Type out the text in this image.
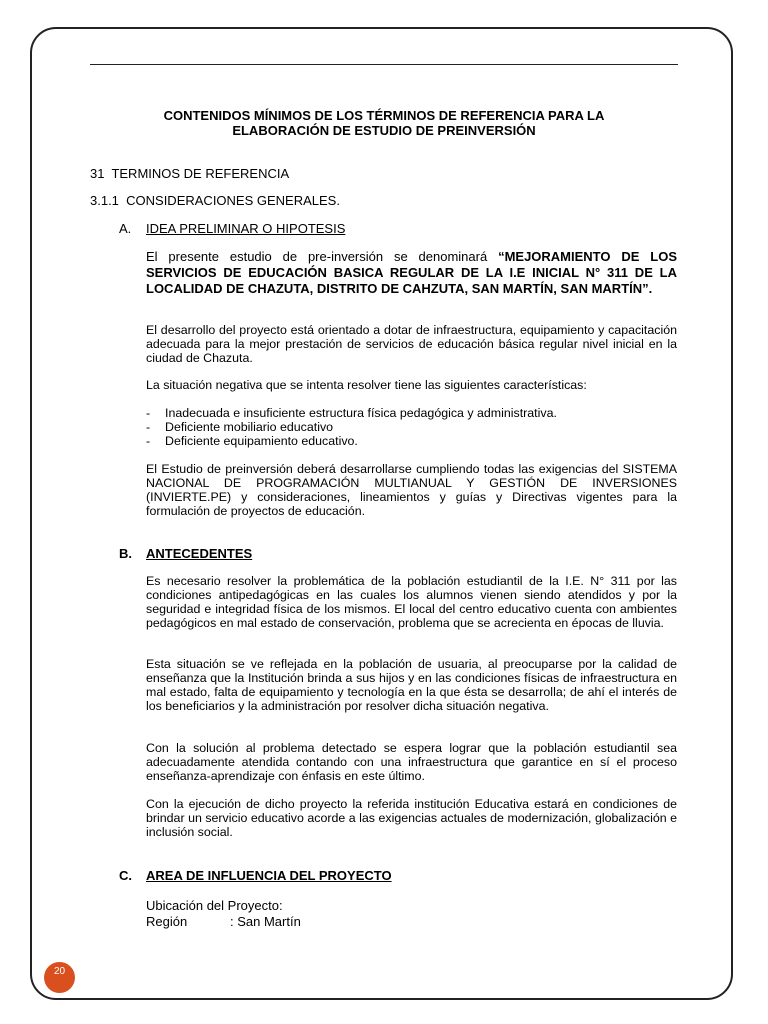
CONTENIDOS MÍNIMOS DE LOS TÉRMINOS DE REFERENCIA PARA LA
ELABORACIÓN DE ESTUDIO DE PREINVERSIÓN
31  TERMINOS DE REFERENCIA
3.1.1  CONSIDERACIONES GENERALES.
A. IDEA PRELIMINAR O HIPOTESIS
El presente estudio de pre-inversión se denominará “MEJORAMIENTO DE LOS SERVICIOS DE EDUCACIÓN BASICA REGULAR DE LA I.E INICIAL N° 311 DE LA LOCALIDAD DE CHAZUTA, DISTRITO DE CAHZUTA, SAN MARTÍN, SAN MARTÍN”.
El desarrollo del proyecto está orientado a dotar de infraestructura, equipamiento y capacitación adecuada para la mejor prestación de servicios de educación básica regular nivel inicial en la ciudad de Chazuta.
La situación negativa que se intenta resolver tiene las siguientes características:
- Inadecuada e insuficiente estructura física pedagógica y administrativa.
- Deficiente mobiliario educativo
- Deficiente equipamiento educativo.
El Estudio de preinversión deberá desarrollarse cumpliendo todas las exigencias del SISTEMA NACIONAL DE PROGRAMACIÓN MULTIANUAL Y GESTIÓN DE INVERSIONES
(INVIERTE.PE) y consideraciones, lineamientos y guías y Directivas vigentes para la formulación de proyectos de educación.
B. ANTECEDENTES
Es necesario resolver la problemática de la población estudiantil de la I.E. N° 311 por las condiciones antipedagógicas en las cuales los alumnos vienen siendo atendidos y por la seguridad e integridad física de los mismos. El local del centro educativo cuenta con ambientes pedagógicos en mal estado de conservación, problema que se acrecienta en épocas de lluvia.
Esta situación se ve reflejada en la población de usuaria, al preocuparse por la calidad de enseñanza que la Institución brinda a sus hijos y en las condiciones físicas de infraestructura en mal estado, falta de equipamiento y tecnología en la que ésta se desarrolla; de ahí el interés de los beneficiarios y la administración por resolver dicha situación negativa.
Con la solución al problema detectado se espera lograr que la población estudiantil sea adecuadamente atendida contando con una infraestructura que garantice en sí el proceso enseñanza-aprendizaje con énfasis en este último.
Con la ejecución de dicho proyecto la referida institución Educativa estará en condiciones de brindar un servicio educativo acorde a las exigencias actuales de modernización, globalización e inclusión social.
C. AREA DE INFLUENCIA DEL PROYECTO
Ubicación del Proyecto:
Región	: San Martín
20
